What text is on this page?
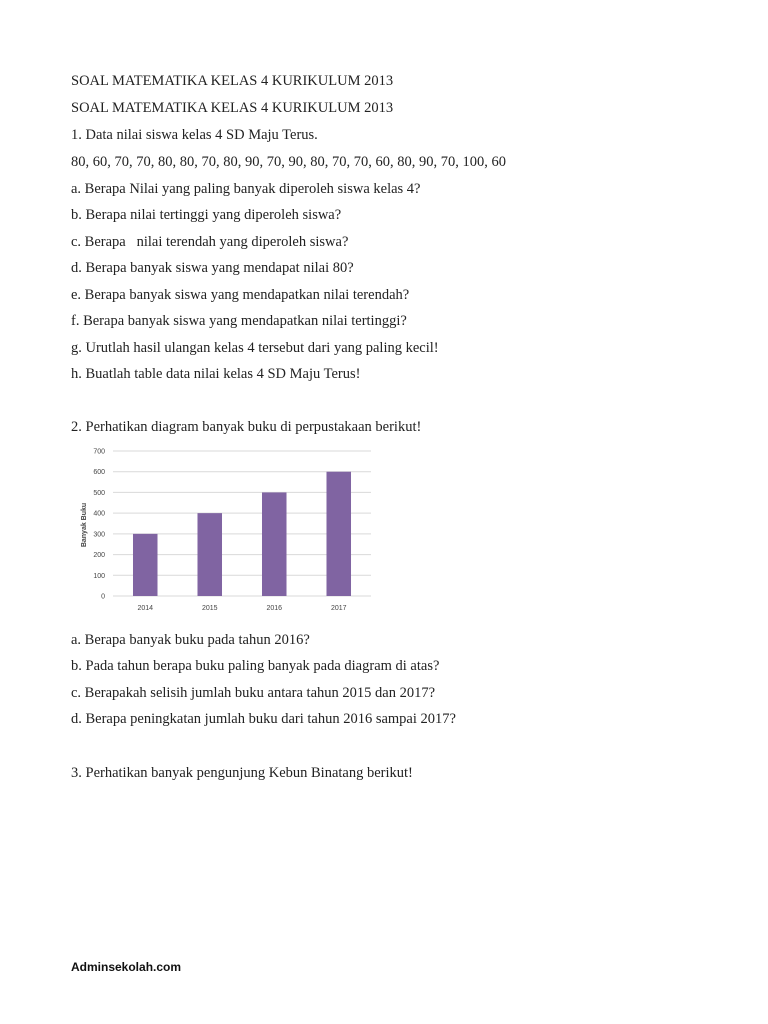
SOAL MATEMATIKA KELAS 4 KURIKULUM 2013
SOAL MATEMATIKA KELAS 4 KURIKULUM 2013
1. Data nilai siswa kelas 4 SD Maju Terus.
80, 60, 70, 70, 80, 80, 70, 80, 90, 70, 90, 80, 70, 70, 60, 80, 90, 70, 100, 60
a. Berapa Nilai yang paling banyak diperoleh siswa kelas 4?
b. Berapa nilai tertinggi yang diperoleh siswa?
c. Berapa   nilai terendah yang diperoleh siswa?
d. Berapa banyak siswa yang mendapat nilai 80?
e. Berapa banyak siswa yang mendapatkan nilai terendah?
f. Berapa banyak siswa yang mendapatkan nilai tertinggi?
g. Urutlah hasil ulangan kelas 4 tersebut dari yang paling kecil!
h. Buatlah table data nilai kelas 4 SD Maju Terus!
2. Perhatikan diagram banyak buku di perpustakaan berikut!
0
100
200
300
400
500
600
700
2014	2015	2016	2017
Banyak Buku
a. Berapa banyak buku pada tahun 2016?
b. Pada tahun berapa buku paling banyak pada diagram di atas?
c. Berapakah selisih jumlah buku antara tahun 2015 dan 2017?
d. Berapa peningkatan jumlah buku dari tahun 2016 sampai 2017?
3. Perhatikan banyak pengunjung Kebun Binatang berikut!
Adminsekolah.com
